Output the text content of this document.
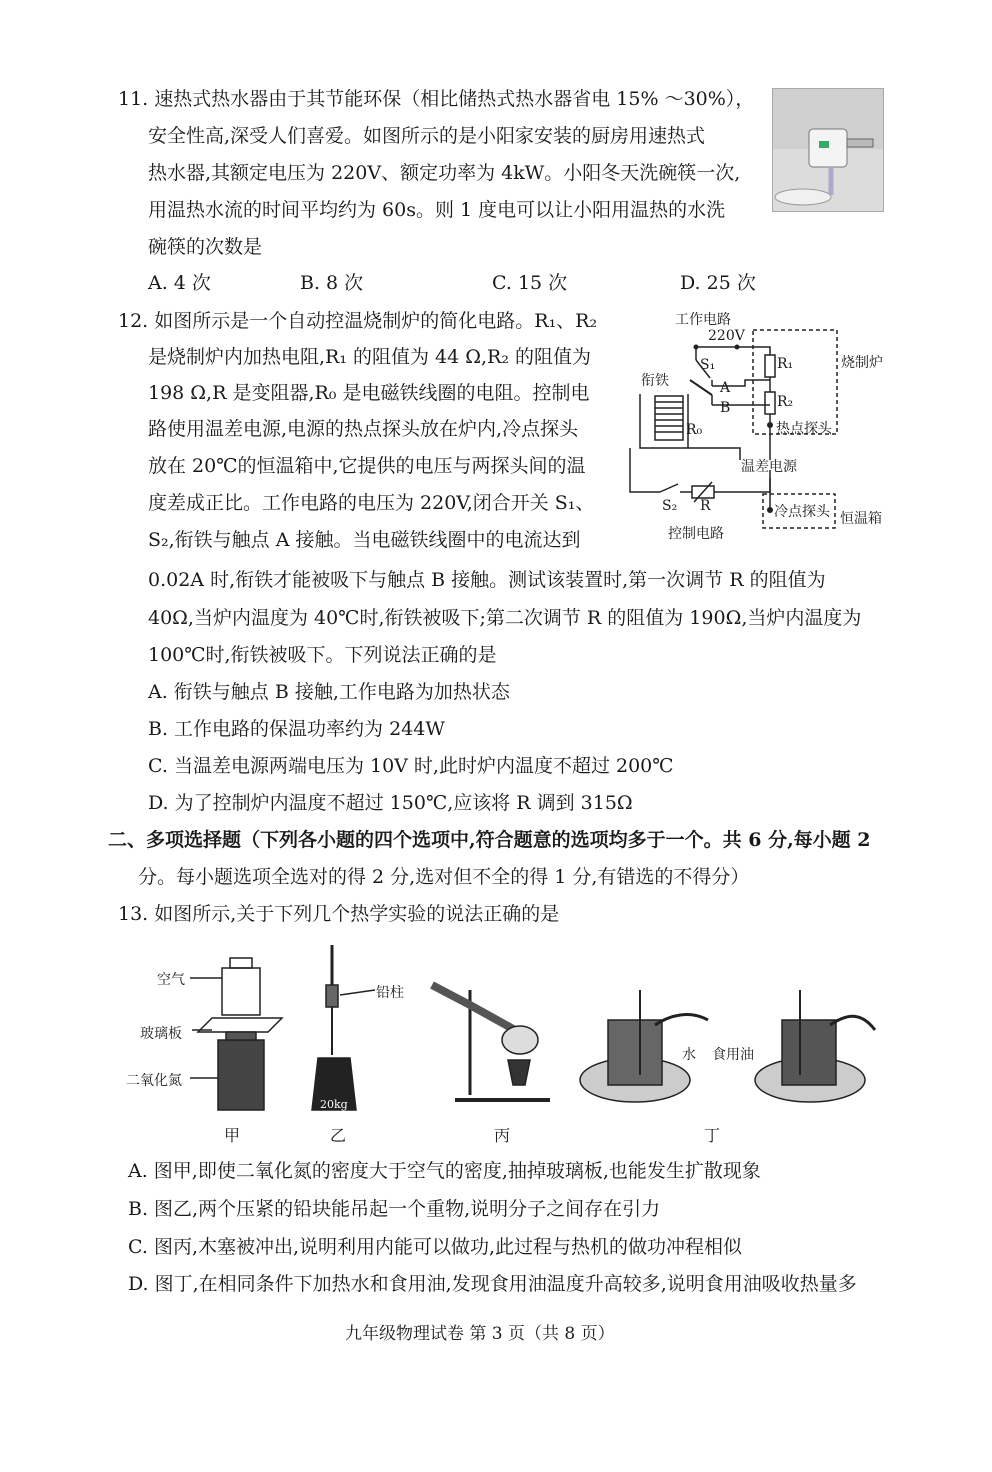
11. 速热式热水器由于其节能环保（相比储热式热水器省电 15% ～30%），
安全性高,深受人们喜爱。如图所示的是小阳家安装的厨房用速热式
热水器,其额定电压为 220V、额定功率为 4kW。小阳冬天洗碗筷一次,
用温热水流的时间平均约为 60s。则 1 度电可以让小阳用温热的水洗
碗筷的次数是
A. 4 次	B. 8 次	C. 15 次	D. 25 次
12. 如图所示是一个自动控温烧制炉的简化电路。R₁、R₂
是烧制炉内加热电阻,R₁ 的阻值为 44 Ω,R₂ 的阻值为
198 Ω,R 是变阻器,R₀ 是电磁铁线圈的电阻。控制电
路使用温差电源,电源的热点探头放在炉内,冷点探头
放在 20℃的恒温箱中,它提供的电压与两探头间的温
度差成正比。工作电路的电压为 220V,闭合开关 S₁、
S₂,衔铁与触点 A 接触。当电磁铁线圈中的电流达到
0.02A 时,衔铁才能被吸下与触点 B 接触。测试该装置时,第一次调节 R 的阻值为
40Ω,当炉内温度为 40℃时,衔铁被吸下;第二次调节 R 的阻值为 190Ω,当炉内温度为
100℃时,衔铁被吸下。下列说法正确的是
A. 衔铁与触点 B 接触,工作电路为加热状态
B. 工作电路的保温功率约为 244W
C. 当温差电源两端电压为 10V 时,此时炉内温度不超过 200℃
D. 为了控制炉内温度不超过 150℃,应该将 R 调到 315Ω
工作电路
220V
S₁	R₁
R₂
烧制炉
衔铁	A
B
热点探头
R₀
温差电源
S₂ R	冷点探头 恒温箱
控制电路
二、多项选择题（下列各小题的四个选项中,符合题意的选项均多于一个。共 6 分,每小题 2
分。每小题选项全选对的得 2 分,选对但不全的得 1 分,有错选的不得分）
13. 如图所示,关于下列几个热学实验的说法正确的是
20kg
空气
玻璃板
二氧化氮
铅柱
水 食用油
甲	乙	丙	丁
A. 图甲,即使二氧化氮的密度大于空气的密度,抽掉玻璃板,也能发生扩散现象
B. 图乙,两个压紧的铅块能吊起一个重物,说明分子之间存在引力
C. 图丙,木塞被冲出,说明利用内能可以做功,此过程与热机的做功冲程相似
D. 图丁,在相同条件下加热水和食用油,发现食用油温度升高较多,说明食用油吸收热量多
九年级物理试卷 第 3 页（共 8 页）
